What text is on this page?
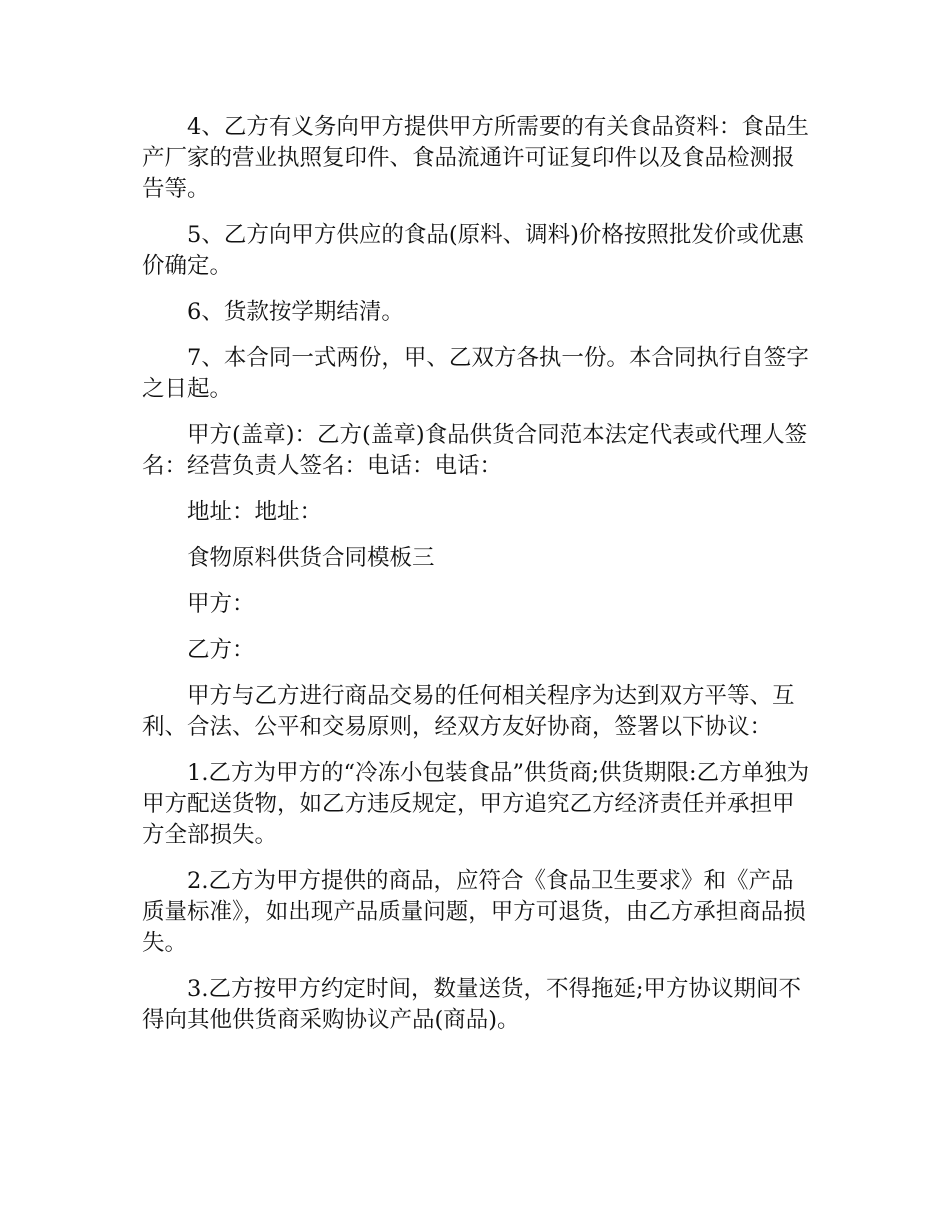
4、乙方有义务向甲方提供甲方所需要的有关食品资料：食品生产厂家的营业执照复印件、食品流通许可证复印件以及食品检测报告等。

5、乙方向甲方供应的食品(原料、调料)价格按照批发价或优惠价确定。

6、货款按学期结清。

7、本合同一式两份，甲、乙双方各执一份。本合同执行自签字之日起。

甲方(盖章)：乙方(盖章)食品供货合同范本法定代表或代理人签名：经营负责人签名：电话：电话：

地址：地址：

食物原料供货合同模板三

甲方：

乙方：

甲方与乙方进行商品交易的任何相关程序为达到双方平等、互利、合法、公平和交易原则，经双方友好协商，签署以下协议：

1.乙方为甲方的“冷冻小包装食品”供货商;供货期限:乙方单独为甲方配送货物，如乙方违反规定，甲方追究乙方经济责任并承担甲方全部损失。

2.乙方为甲方提供的商品，应符合《食品卫生要求》和《产品质量标准》，如出现产品质量问题，甲方可退货，由乙方承担商品损失。

3.乙方按甲方约定时间，数量送货，不得拖延;甲方协议期间不得向其他供货商采购协议产品(商品)。
